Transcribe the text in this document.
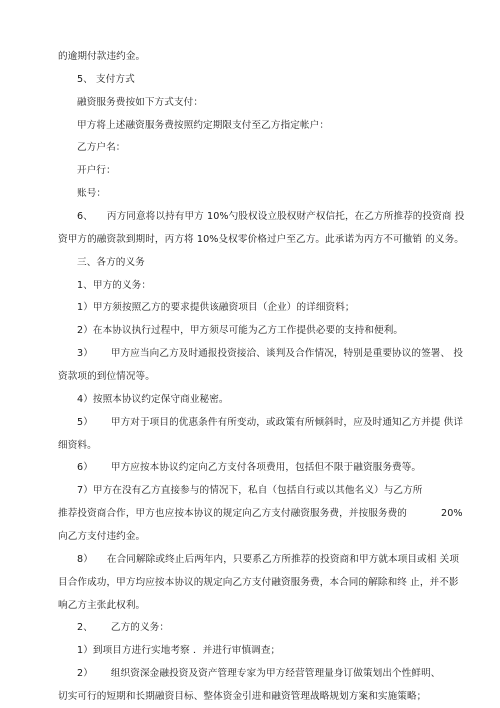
的逾期付款违约金。
5、 支付方式
融资服务费按如下方式支付：
甲方将上述融资服务费按照约定期限支付至乙方指定帐户：
乙方户名：
开户行：
账号：
6、 丙方同意将以持有甲方 10%勺股权设立股权财产权信托，在乙方所推荐的投资商 投
资甲方的融资款到期时，丙方将 10%殳权零价格过户至乙方。此承诺为丙方不可撤销 的义务。
三、各方的义务
1、甲方的义务：
1）甲方须按照乙方的要求提供该融资项目（企业）的详细资料；
2）在本协议执行过程中，甲方须尽可能为乙方工作提供必要的支持和便利。
3） 甲方应当向乙方及时通报投资接洽、谈判及合作情况，特别是重要协议的签署、 投
资款项的到位情况等。
4）按照本协议约定保守商业秘密。
5） 甲方对于项目的优惠条件有所变动，或政策有所倾斜时，应及时通知乙方并提 供详
细资料。
6） 甲方应按本协议约定向乙方支付各项费用，包括但不限于融资服务费等。
7）甲方在没有乙方直接参与的情况下，私自（包括自行或以其他名义）与乙方所
推荐投资商合作，甲方也应按本协议的规定向乙方支付融资服务费，并按服务费的	20%
向乙方支付违约金。
8） 在合同解除或终止后两年内，只要系乙方所推荐的投资商和甲方就本项目或相 关项
目合作成功，甲方均应按本协议的规定向乙方支付融资服务费，本合同的解除和终 止，并不影
响乙方主张此权利。
2、 乙方的义务：
1）到项目方进行实地考察 ．并进行审慎调查；
2） 组织资深金融投资及资产管理专家为甲方经营管理量身订做策划出个性鲜明、
切实可行的短期和长期融资目标、整体资金引进和融资管理战略规划方案和实施策略；
